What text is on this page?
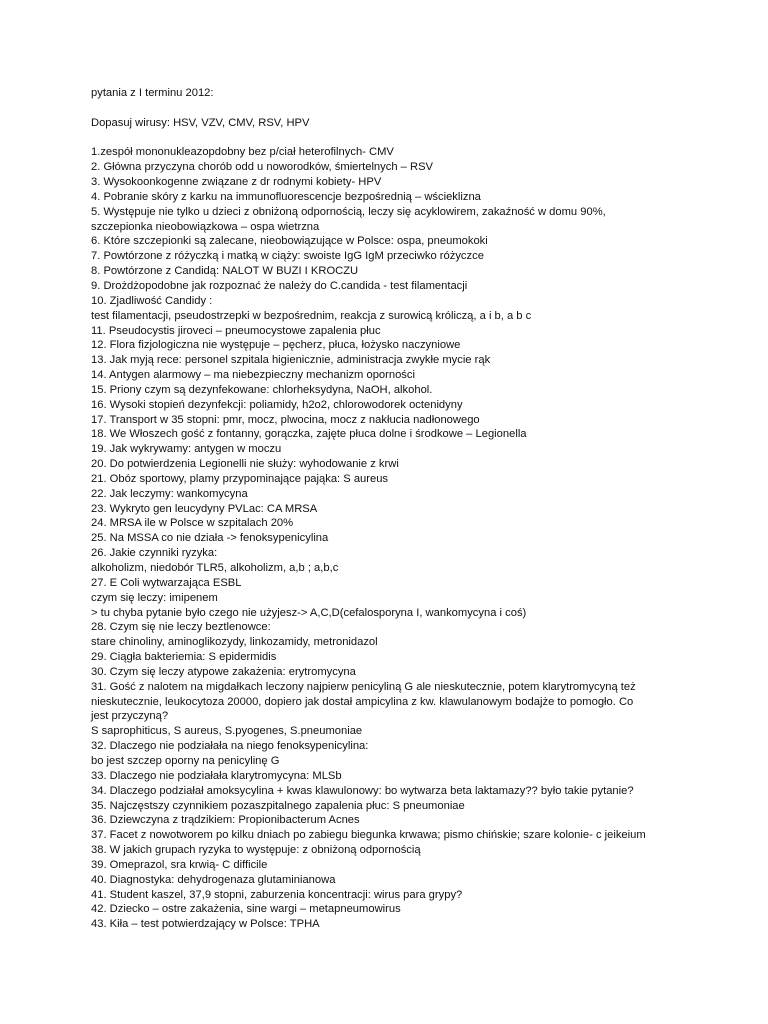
pytania z I terminu 2012:

Dopasuj wirusy: HSV, VZV, CMV, RSV, HPV

1.zespół mononukleazopdobny bez p/ciał heterofilnych- CMV

2. Główna przyczyna chorób odd u noworodków, śmiertelnych – RSV

3. Wysokoonkogenne związane z dr rodnymi kobiety- HPV

4. Pobranie skóry z karku na immunofluorescencje bezpośrednią – wścieklizna

5. Występuje nie tylko u dzieci z obniżoną odpornością, leczy się acyklowirem, zakaźność w domu 90%,

szczepionka nieobowiązkowa – ospa wietrzna

6. Które szczepionki są zalecane, nieobowiązujące w Polsce: ospa, pneumokoki

7. Powtórzone z różyczką i matką w ciąży: swoiste IgG IgM przeciwko różyczce

8. Powtórzone z Candidą: NALOT W BUZI I KROCZU

9. Drożdżopodobne jak rozpoznać że należy do C.candida - test filamentacji

10. Zjadliwość Candidy :

test filamentacji, pseudostrzepki w bezpośrednim, reakcja z surowicą króliczą, a i b, a b c

11. Pseudocystis jiroveci – pneumocystowe zapalenia płuc

12. Flora fizjologiczna nie występuje – pęcherz, płuca, łożysko naczyniowe

13. Jak myją rece: personel szpitala higienicznie, administracja zwykłe mycie rąk

14. Antygen alarmowy – ma niebezpieczny mechanizm oporności

15. Priony czym są dezynfekowane: chlorheksydyna, NaOH, alkohol.

16. Wysoki stopień dezynfekcji: poliamidy, h2o2, chlorowodorek octenidyny

17. Transport w 35 stopni: pmr, mocz, plwocina, mocz z nakłucia nadłonowego

18. We Włoszech gość z fontanny, gorączka, zajęte płuca dolne i środkowe – Legionella

19. Jak wykrywamy: antygen w moczu

20. Do potwierdzenia Legionelli nie służy: wyhodowanie z krwi

21. Obóz sportowy, plamy przypominające pająka: S aureus

22. Jak leczymy: wankomycyna

23. Wykryto gen leucydyny PVLac: CA MRSA

24. MRSA ile w Polsce w szpitalach 20%

25. Na MSSA co nie działa -> fenoksypenicylina

26. Jakie czynniki ryzyka:

alkoholizm, niedobór TLR5, alkoholizm, a,b ; a,b,c

27. E Coli wytwarzająca ESBL

czym się leczy: imipenem

> tu chyba pytanie było czego nie użyjesz-> A,C,D(cefalosporyna I, wankomycyna i coś)

28. Czym się nie leczy beztlenowce:

stare chinoliny, aminoglikozydy, linkozamidy, metronidazol

29. Ciągła bakteriemia: S epidermidis

30. Czym się leczy atypowe zakażenia: erytromycyna

31. Gość z nalotem na migdałkach leczony najpierw penicyliną G ale nieskutecznie, potem klarytromycyną też

nieskutecznie, leukocytoza 20000, dopiero jak dostał ampicylina z kw. klawulanowym bodajże to pomogło. Co

jest przyczyną?

S saprophiticus, S aureus, S.pyogenes, S.pneumoniae

32. Dlaczego nie podziałała na niego fenoksypenicylina:

bo jest szczep oporny na penicylinę G

33. Dlaczego nie podziałała klarytromycyna: MLSb

34. Dlaczego podziałał amoksycylina + kwas klawulonowy: bo wytwarza beta laktamazy?? było takie pytanie?

35. Najczęstszy czynnikiem pozaszpitalnego zapalenia płuc: S pneumoniae

36. Dziewczyna z trądzikiem: Propionibacterum Acnes

37. Facet z nowotworem po kilku dniach po zabiegu biegunka krwawa; pismo chińskie; szare kolonie- c jeikeium

38. W jakich grupach ryzyka to występuje: z obniżoną odpornością

39. Omeprazol, sra krwią- C difficile

40. Diagnostyka: dehydrogenaza glutaminianowa

41. Student kaszel, 37,9 stopni, zaburzenia koncentracji: wirus para grypy?

42. Dziecko – ostre zakażenia, sine wargi – metapneumowirus

43. Kiła – test potwierdzający w Polsce: TPHA
